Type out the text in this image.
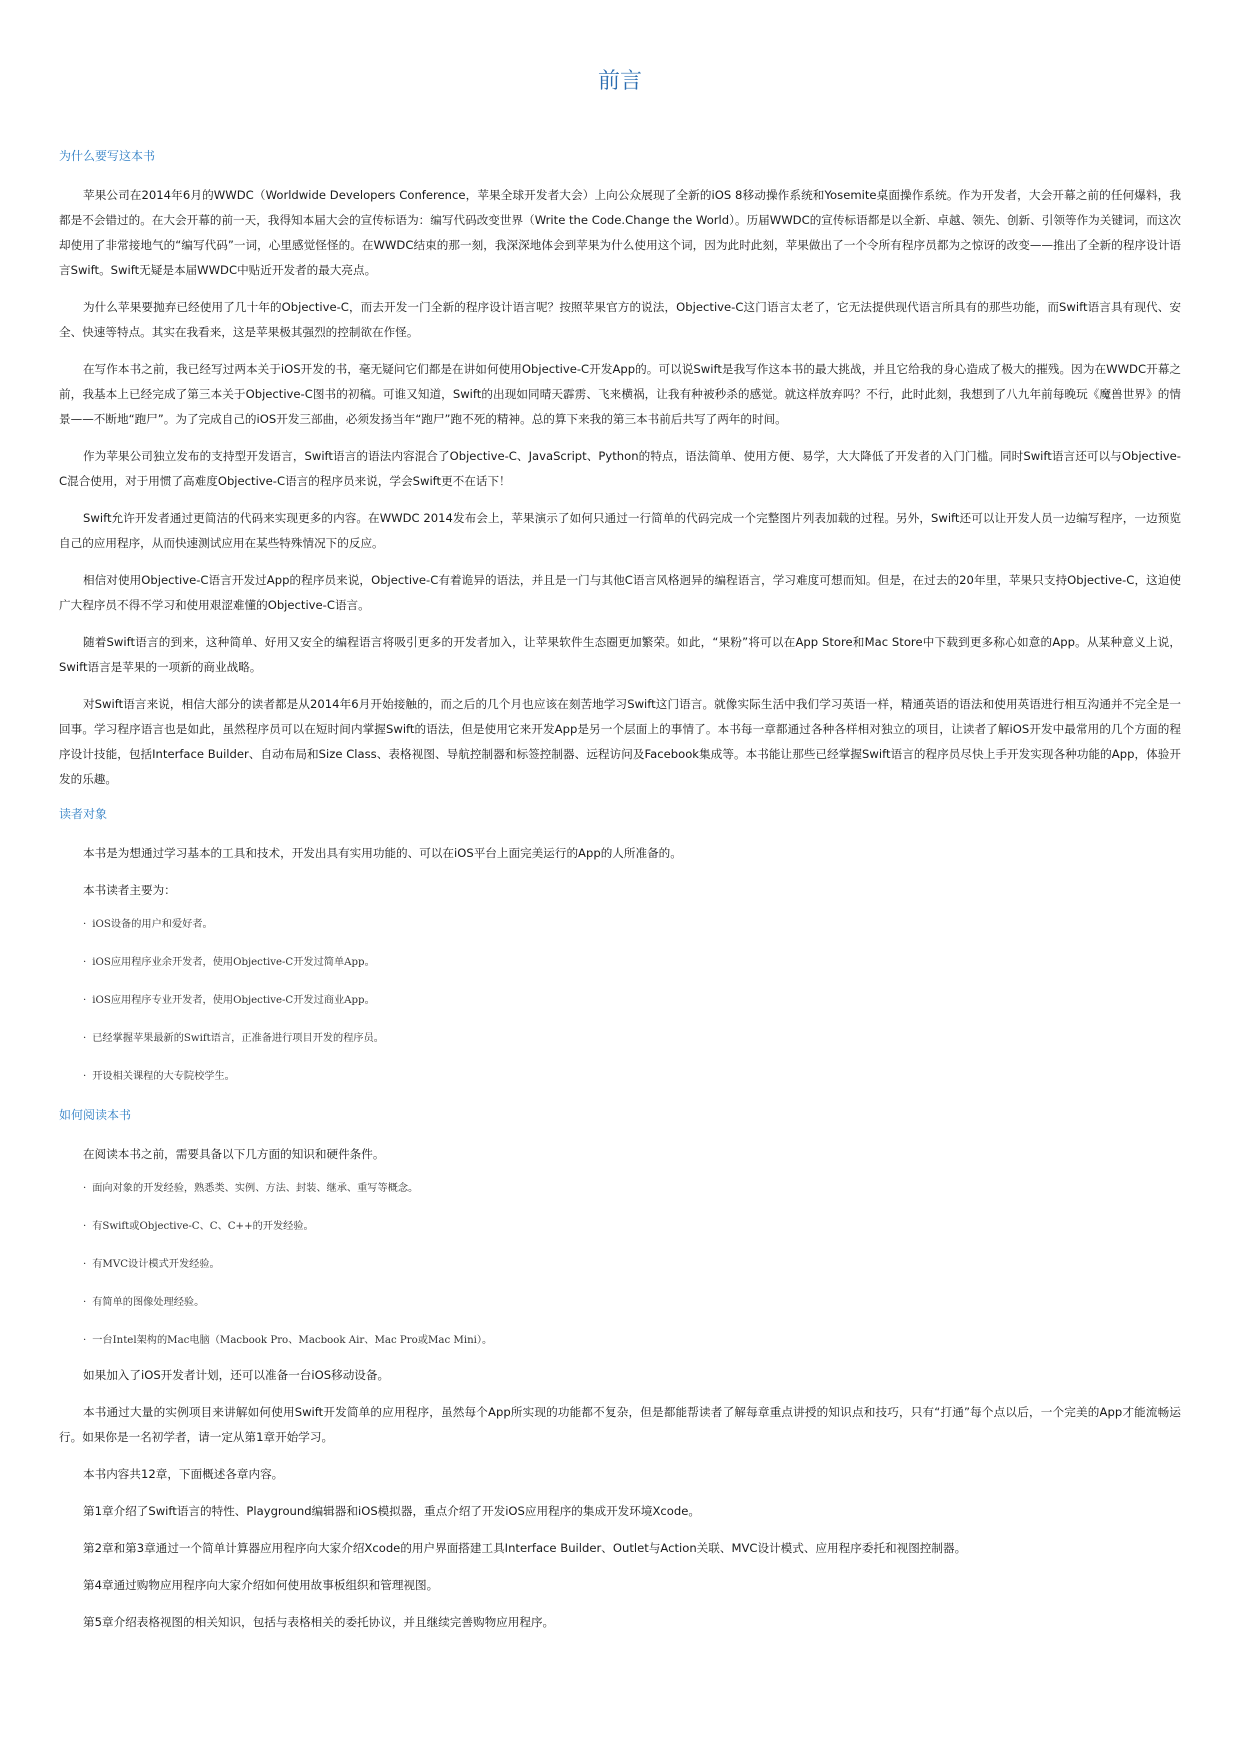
前言
为什么要写这本书

苹果公司在2014年6月的WWDC（Worldwide Developers Conference，苹果全球开发者大会）上向公众展现了全新的iOS 8移动操作系统和Yosemite桌面操作系统。作为开发者，大会开幕之前的任何爆料，我都是不会错过的。在大会开幕的前一天，我得知本届大会的宣传标语为：编写代码改变世界（Write the Code.Change the World）。历届WWDC的宣传标语都是以全新、卓越、领先、创新、引领等作为关键词，而这次却使用了非常接地气的“编写代码”一词，心里感觉怪怪的。在WWDC结束的那一刻，我深深地体会到苹果为什么使用这个词，因为此时此刻，苹果做出了一个令所有程序员都为之惊讶的改变——推出了全新的程序设计语言Swift。Swift无疑是本届WWDC中贴近开发者的最大亮点。

为什么苹果要抛弃已经使用了几十年的Objective-C，而去开发一门全新的程序设计语言呢？按照苹果官方的说法，Objective-C这门语言太老了，它无法提供现代语言所具有的那些功能，而Swift语言具有现代、安全、快速等特点。其实在我看来，这是苹果极其强烈的控制欲在作怪。

在写作本书之前，我已经写过两本关于iOS开发的书，毫无疑问它们都是在讲如何使用Objective-C开发App的。可以说Swift是我写作这本书的最大挑战，并且它给我的身心造成了极大的摧残。因为在WWDC开幕之前，我基本上已经完成了第三本关于Objective-C图书的初稿。可谁又知道，Swift的出现如同晴天霹雳、飞来横祸，让我有种被秒杀的感觉。就这样放弃吗？不行，此时此刻，我想到了八九年前每晚玩《魔兽世界》的情景——不断地“跑尸”。为了完成自己的iOS开发三部曲，必须发扬当年“跑尸”跑不死的精神。总的算下来我的第三本书前后共写了两年的时间。

作为苹果公司独立发布的支持型开发语言，Swift语言的语法内容混合了Objective-C、JavaScript、Python的特点，语法简单、使用方便、易学，大大降低了开发者的入门门槛。同时Swift语言还可以与Objective-C混合使用，对于用惯了高难度Objective-C语言的程序员来说，学会Swift更不在话下！

Swift允许开发者通过更简洁的代码来实现更多的内容。在WWDC 2014发布会上，苹果演示了如何只通过一行简单的代码完成一个完整图片列表加载的过程。另外，Swift还可以让开发人员一边编写程序，一边预览自己的应用程序，从而快速测试应用在某些特殊情况下的反应。

相信对使用Objective-C语言开发过App的程序员来说，Objective-C有着诡异的语法，并且是一门与其他C语言风格迥异的编程语言，学习难度可想而知。但是，在过去的20年里，苹果只支持Objective-C，这迫使广大程序员不得不学习和使用艰涩难懂的Objective-C语言。

随着Swift语言的到来，这种简单、好用又安全的编程语言将吸引更多的开发者加入，让苹果软件生态圈更加繁荣。如此，“果粉”将可以在App Store和Mac Store中下载到更多称心如意的App。从某种意义上说，Swift语言是苹果的一项新的商业战略。

对Swift语言来说，相信大部分的读者都是从2014年6月开始接触的，而之后的几个月也应该在刻苦地学习Swift这门语言。就像实际生活中我们学习英语一样，精通英语的语法和使用英语进行相互沟通并不完全是一回事。学习程序语言也是如此，虽然程序员可以在短时间内掌握Swift的语法，但是使用它来开发App是另一个层面上的事情了。本书每一章都通过各种各样相对独立的项目，让读者了解iOS开发中最常用的几个方面的程序设计技能，包括Interface Builder、自动布局和Size Class、表格视图、导航控制器和标签控制器、远程访问及Facebook集成等。本书能让那些已经掌握Swift语言的程序员尽快上手开发实现各种功能的App，体验开发的乐趣。

读者对象

本书是为想通过学习基本的工具和技术，开发出具有实用功能的、可以在iOS平台上面完美运行的App的人所准备的。

本书读者主要为：

· iOS设备的用户和爱好者。
· iOS应用程序业余开发者，使用Objective-C开发过简单App。
· iOS应用程序专业开发者，使用Objective-C开发过商业App。
· 已经掌握苹果最新的Swift语言，正准备进行项目开发的程序员。
· 开设相关课程的大专院校学生。
如何阅读本书

在阅读本书之前，需要具备以下几方面的知识和硬件条件。

· 面向对象的开发经验，熟悉类、实例、方法、封装、继承、重写等概念。
· 有Swift或Objective-C、C、C++的开发经验。
· 有MVC设计模式开发经验。
· 有简单的图像处理经验。
· 一台Intel架构的Mac电脑（Macbook Pro、Macbook Air、Mac Pro或Mac Mini）。

如果加入了iOS开发者计划，还可以准备一台iOS移动设备。

本书通过大量的实例项目来讲解如何使用Swift开发简单的应用程序，虽然每个App所实现的功能都不复杂，但是都能帮读者了解每章重点讲授的知识点和技巧，只有“打通”每个点以后，一个完美的App才能流畅运行。如果你是一名初学者，请一定从第1章开始学习。

本书内容共12章，下面概述各章内容。

第1章介绍了Swift语言的特性、Playground编辑器和iOS模拟器，重点介绍了开发iOS应用程序的集成开发环境Xcode。

第2章和第3章通过一个简单计算器应用程序向大家介绍Xcode的用户界面搭建工具Interface Builder、Outlet与Action关联、MVC设计模式、应用程序委托和视图控制器。

第4章通过购物应用程序向大家介绍如何使用故事板组织和管理视图。

第5章介绍表格视图的相关知识，包括与表格相关的委托协议，并且继续完善购物应用程序。
